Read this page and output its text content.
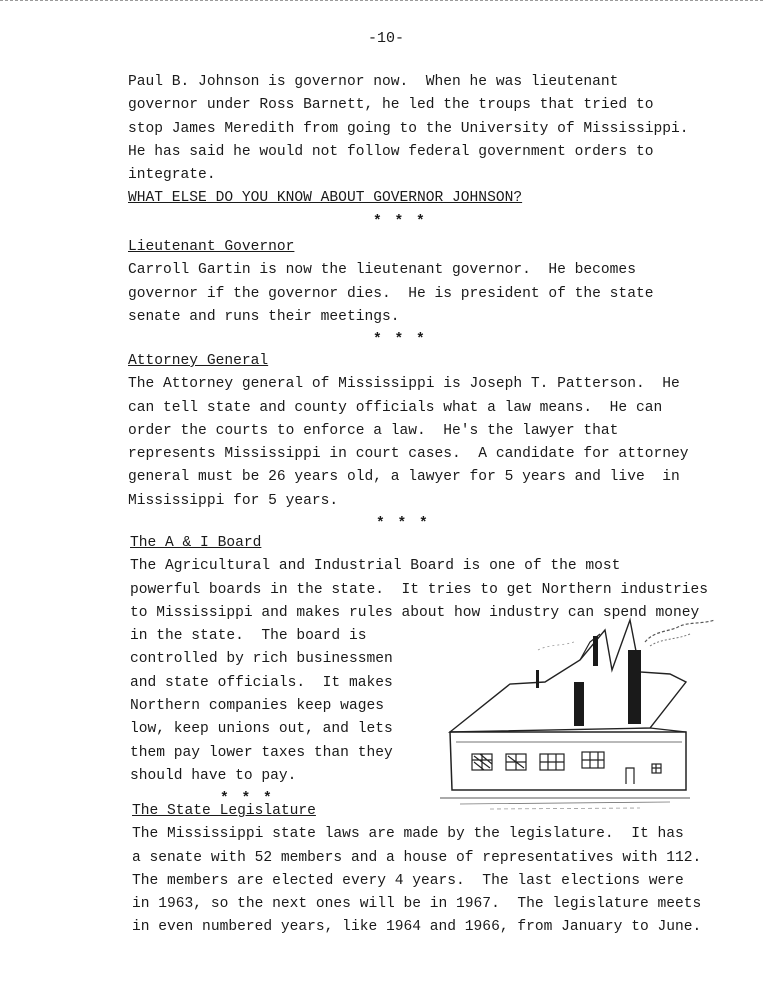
-10-
Paul B. Johnson is governor now.  When he was lieutenant
governor under Ross Barnett, he led the troups that tried to
stop James Meredith from going to the University of Mississippi.
He has said he would not follow federal government orders to
integrate.
WHAT ELSE DO YOU KNOW ABOUT GOVERNOR JOHNSON?
* * *
Lieutenant Governor
Carroll Gartin is now the lieutenant governor.  He becomes
governor if the governor dies.  He is president of the state
senate and runs their meetings.
* * *
Attorney General
The Attorney general of Mississippi is Joseph T. Patterson.  He
can tell state and county officials what a law means.  He can
order the courts to enforce a law.  He's the lawyer that
represents Mississippi in court cases.  A candidate for attorney
general must be 26 years old, a lawyer for 5 years and live  in
Mississippi for 5 years.
* * *
The A & I Board
The Agricultural and Industrial Board is one of the most
powerful boards in the state.  It tries to get Northern industries
to Mississippi and makes rules about how industry can spend money
in the state.  The board is
controlled by rich businessmen
and state officials.  It makes
Northern companies keep wages
low, keep unions out, and lets
them pay lower taxes than they
should have to pay.
* * *
The State Legislature
The Mississippi state laws are made by the legislature.  It has
a senate with 52 members and a house of representatives with 112.
The members are elected every 4 years.  The last elections were
in 1963, so the next ones will be in 1967.  The legislature meets
in even numbered years, like 1964 and 1966, from January to June.
